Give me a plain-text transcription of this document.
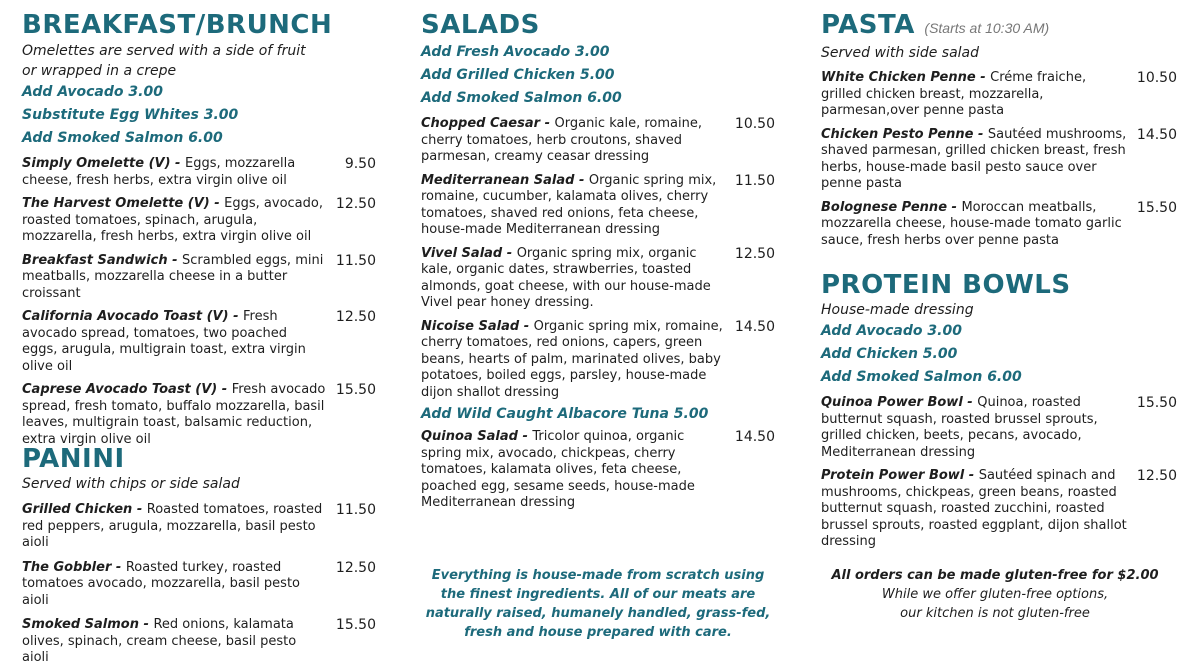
BREAKFAST/BRUNCH
Omelettes are served with a side of fruit
or wrapped in a crepe
Add Avocado 3.00
Substitute Egg Whites 3.00
Add Smoked Salmon 6.00
Simply Omelette (V) - Eggs, mozzarella cheese, fresh herbs, extra virgin olive oil
9.50
The Harvest Omelette (V) - Eggs, avocado, roasted tomatoes, spinach, arugula, mozzarella, fresh herbs, extra virgin olive oil
12.50
Breakfast Sandwich - Scrambled eggs, mini meatballs, mozzarella cheese in a butter croissant
11.50
California Avocado Toast (V) - Fresh avocado spread, tomatoes, two poached eggs, arugula, multigrain toast, extra virgin olive oil
12.50
Caprese Avocado Toast (V) - Fresh avocado spread, fresh tomato, buffalo mozzarella, basil leaves, multigrain toast, balsamic reduction, extra virgin olive oil
15.50
PANINI
Served with chips or side salad
Grilled Chicken - Roasted tomatoes, roasted red peppers, arugula, mozzarella, basil pesto aioli
11.50
The Gobbler - Roasted turkey, roasted tomatoes avocado, mozzarella, basil pesto aioli
12.50
Smoked Salmon - Red onions, kalamata olives, spinach, cream cheese, basil pesto aioli
15.50
SALADS
Add Fresh Avocado 3.00
Add Grilled Chicken 5.00
Add Smoked Salmon 6.00
Chopped Caesar - Organic kale, romaine, cherry tomatoes, herb croutons, shaved parmesan, creamy ceasar dressing
10.50
Mediterranean Salad - Organic spring mix, romaine, cucumber, kalamata olives, cherry tomatoes, shaved red onions, feta cheese, house-made Mediterranean dressing
11.50
Vivel Salad - Organic spring mix, organic kale, organic dates, strawberries, toasted almonds, goat cheese, with our house-made Vivel pear honey dressing.
12.50
Nicoise Salad - Organic spring mix, romaine, cherry tomatoes, red onions, capers, green beans, hearts of palm, marinated olives, baby potatoes, boiled eggs, parsley, house-made dijon shallot dressing
14.50
Add Wild Caught Albacore Tuna 5.00
Quinoa Salad - Tricolor quinoa, organic spring mix, avocado, chickpeas, cherry tomatoes, kalamata olives, feta cheese, poached egg, sesame seeds, house-made Mediterranean dressing
14.50
PASTA (Starts at 10:30 AM)
Served with side salad
White Chicken Penne - Créme fraiche, grilled chicken breast, mozzarella, parmesan,over penne pasta
10.50
Chicken Pesto Penne - Sautéed mushrooms, shaved parmesan, grilled chicken breast, fresh herbs, house-made basil pesto sauce over penne pasta
14.50
Bolognese Penne - Moroccan meatballs, mozzarella cheese, house-made tomato garlic sauce, fresh herbs over penne pasta
15.50
PROTEIN BOWLS
House-made dressing
Add Avocado 3.00
Add Chicken 5.00
Add Smoked Salmon 6.00
Quinoa Power Bowl - Quinoa, roasted butternut squash, roasted brussel sprouts, grilled chicken, beets, pecans, avocado, Mediterranean dressing
15.50
Protein Power Bowl - Sautéed spinach and mushrooms, chickpeas, green beans, roasted butternut squash, roasted zucchini, roasted brussel sprouts, roasted eggplant, dijon shallot dressing
12.50
Everything is house-made from scratch using
the finest ingredients. All of our meats are
naturally raised, humanely handled, grass-fed,
fresh and house prepared with care.
All orders can be made gluten-free for $2.00
While we offer gluten-free options,
our kitchen is not gluten-free
